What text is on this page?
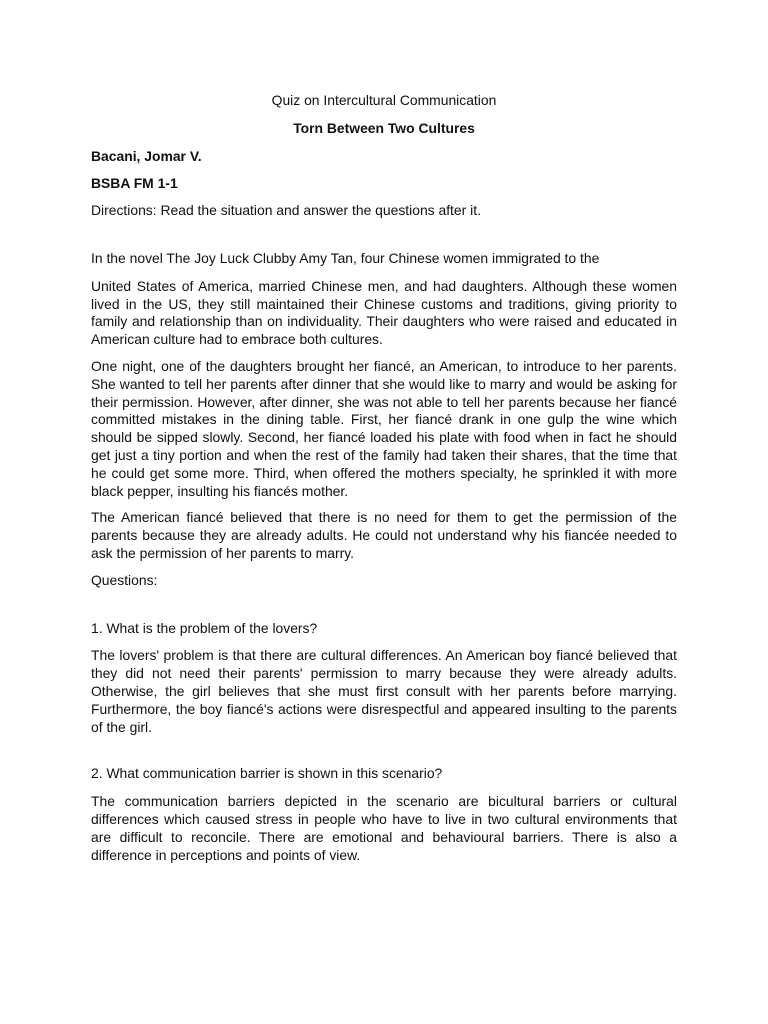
Quiz on Intercultural Communication

Torn Between Two Cultures

Bacani, Jomar V.

BSBA FM 1-1

Directions: Read the situation and answer the questions after it.

In the novel The Joy Luck Clubby Amy Tan, four Chinese women immigrated to the

United States of America, married Chinese men, and had daughters. Although these women lived in the US, they still maintained their Chinese customs and traditions, giving priority to family and relationship than on individuality. Their daughters who were raised and educated in American culture had to embrace both cultures.

One night, one of the daughters brought her fiancé, an American, to introduce to her parents. She wanted to tell her parents after dinner that she would like to marry and would be asking for their permission. However, after dinner, she was not able to tell her parents because her fiancé committed mistakes in the dining table. First, her fiancé drank in one gulp the wine which should be sipped slowly. Second, her fiancé loaded his plate with food when in fact he should get just a tiny portion and when the rest of the family had taken their shares, that the time that he could get some more. Third, when offered the mothers specialty, he sprinkled it with more black pepper, insulting his fiancés mother.

The American fiancé believed that there is no need for them to get the permission of the parents because they are already adults. He could not understand why his fiancée needed to ask the permission of her parents to marry.

Questions:

1. What is the problem of the lovers?

The lovers' problem is that there are cultural differences. An American boy fiancé believed that they did not need their parents' permission to marry because they were already adults. Otherwise, the girl believes that she must first consult with her parents before marrying. Furthermore, the boy fiancé's actions were disrespectful and appeared insulting to the parents of the girl.

2. What communication barrier is shown in this scenario?

The communication barriers depicted in the scenario are bicultural barriers or cultural differences which caused stress in people who have to live in two cultural environments that are difficult to reconcile. There are emotional and behavioural barriers. There is also a difference in perceptions and points of view.
